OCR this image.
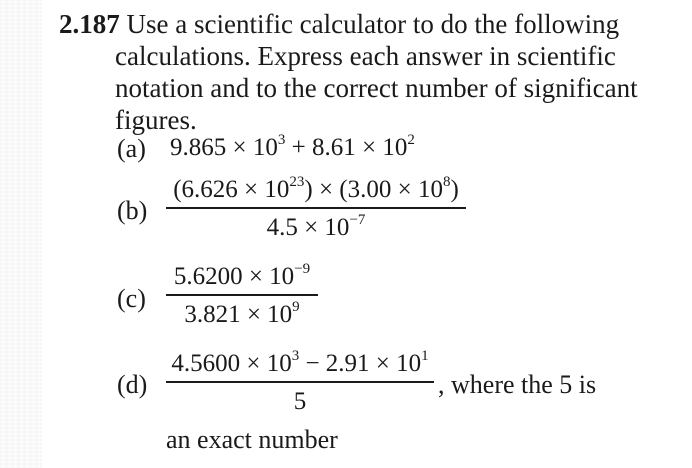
2.187 Use a scientific calculator to do the following
calculations. Express each answer in scientific
notation and to the correct number of significant
figures.
(a) $9.865 \times 10^3 + 8.61 \times 10^2$
(b)
$(6.626 \times 10^{23}) \times (3.00 \times 10^8)$
$4.5 \times 10^{-7}$
(c)
$5.6200 \times 10^{-9}$
$3.821 \times 10^9$
(d)
$4.5600 \times 10^3 - 2.91 \times 10^1$
5
, where the 5 is
an exact number
